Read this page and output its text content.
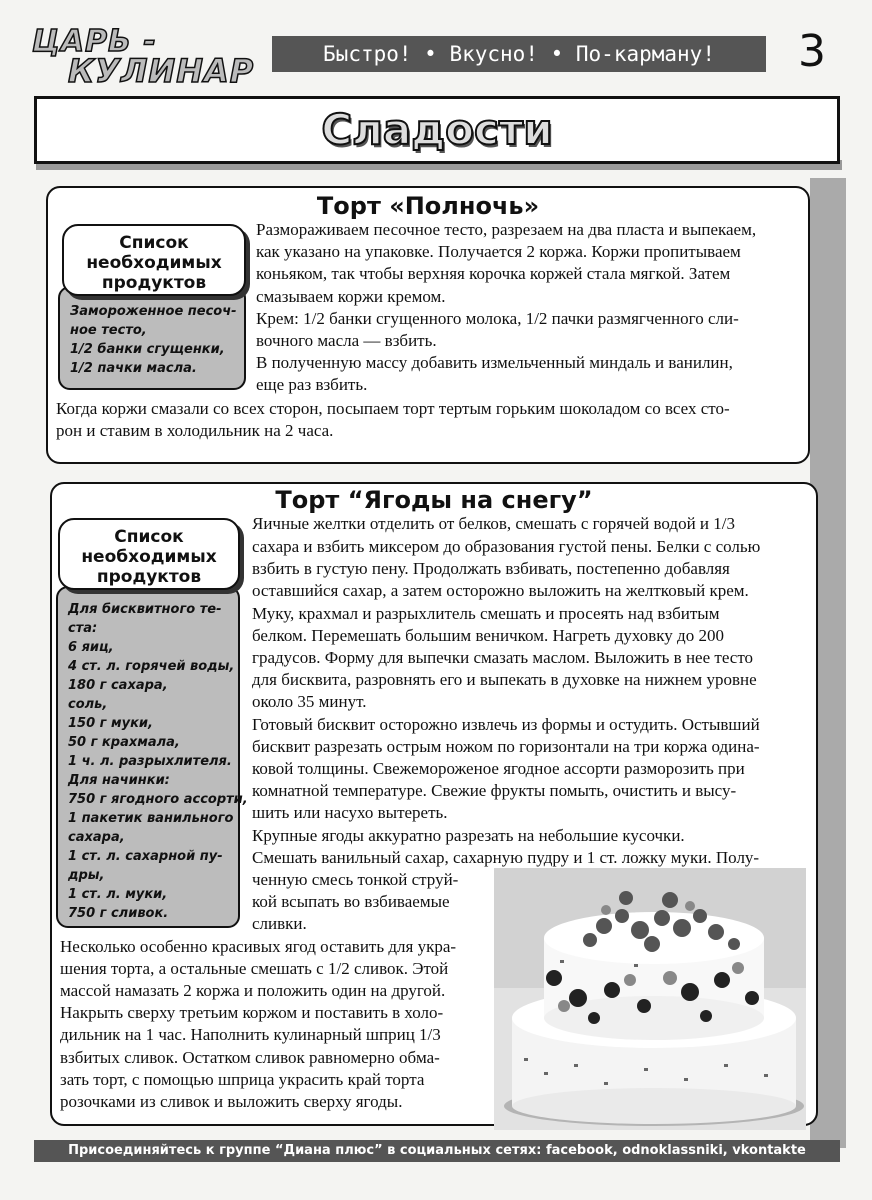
ЦАРЬ -
КУЛИНАР	Быстро! • Вкусно! • По-карману!	3
Сладости
Торт «Полночь»
Список
необходимых
продуктов
Замороженное песоч-
ное тесто,
1/2 банки сгущенки,
1/2 пачки масла.
Размораживаем песочное тесто, разрезаем на два пласта и выпекаем,
как указано на упаковке. Получается 2 коржа. Коржи пропитываем
коньяком, так чтобы верхняя корочка коржей стала мягкой. Затем
смазываем коржи кремом.
Крем: 1/2 банки сгущенного молока, 1/2 пачки размягченного сли-
вочного масла — взбить.
В полученную массу добавить измельченный миндаль и ванилин,
еще раз взбить.
Когда коржи смазали со всех сторон, посыпаем торт тертым горьким шоколадом со всех сто-
рон и ставим в холодильник на 2 часа.
Торт “Ягоды на снегу”
Список
необходимых
продуктов
Для бисквитного те-
ста:
6 яиц,
4 ст. л. горячей воды,
180 г сахара,
соль,
150 г муки,
50 г крахмала,
1 ч. л. разрыхлителя.
Для начинки:
750 г ягодного ассорти,
1 пакетик ванильного
сахара,
1 ст. л. сахарной пу-
дры,
1 ст. л. муки,
750 г сливок.
Яичные желтки отделить от белков, смешать с горячей водой и 1/3
сахара и взбить миксером до образования густой пены. Белки с солью
взбить в густую пену. Продолжать взбивать, постепенно добавляя
оставшийся сахар, а затем осторожно выложить на желтковый крем.
Муку, крахмал и разрыхлитель смешать и просеять над взбитым
белком. Перемешать большим веничком. Нагреть духовку до 200
градусов. Форму для выпечки смазать маслом. Выложить в нее тесто
для бисквита, разровнять его и выпекать в духовке на нижнем уровне
около 35 минут.
Готовый бисквит осторожно извлечь из формы и остудить. Остывший
бисквит разрезать острым ножом по горизонтали на три коржа одина-
ковой толщины. Свежемороженое ягодное ассорти разморозить при
комнатной температуре. Свежие фрукты помыть, очистить и высу-
шить или насухо вытереть.
Крупные ягоды аккуратно разрезать на небольшие кусочки.
Смешать ванильный сахар, сахарную пудру и 1 ст. ложку муки. Полу-
ченную смесь тонкой струй-
кой всыпать во взбиваемые
сливки.
Несколько особенно красивых ягод оставить для укра-
шения торта, а остальные смешать с 1/2 сливок. Этой
массой намазать 2 коржа и положить один на другой.
Накрыть сверху третьим коржом и поставить в холо-
дильник на 1 час. Наполнить кулинарный шприц 1/3
взбитых сливок. Остатком сливок равномерно обма-
зать торт, с помощью шприца украсить край торта
розочками из сливок и выложить сверху ягоды.
Присоединяйтесь к группе “Диана плюс” в социальных сетях: facebook, odnoklassniki, vkontakte
